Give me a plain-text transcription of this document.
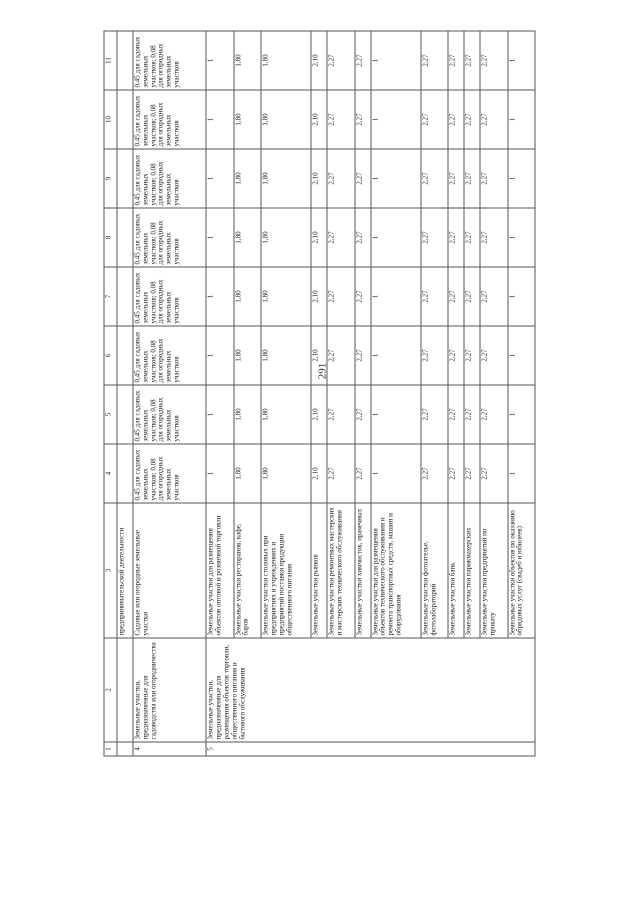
291
1	2	3	4	5	6	7	8	9	10	11
		предпринимательской деятельности								
4	Земельные участки, предназначенные для садоводства или огородничества	Садовые или огородные земельные участки	0,45 для садовых земельных участков; 0,08 для огородных земельных участков	0,45 для садовых земельных участков; 0,08 для огородных земельных участков	0,45 для садовых земельных участков; 0,08 для огородных земельных участков	0,45 для садовых земельных участков; 0,08 для огородных земельных участков	0,45 для садовых земельных участков; 0,08 для огородных земельных участков	0,45 для садовых земельных участков; 0,08 для огородных земельных участков	0,45 для садовых земельных участков; 0,08 для огородных земельных участков	0,45 для садовых земельных участков; 0,08 для огородных земельных участков
5	Земельные участки, предназначенные для размещения объектов торговли, общественного питания и бытового обслуживания	Земельные участки для размещения объектов оптовой и розничной торговли	1	1	1	1	1	1	1	1
		Земельные участки ресторанов, кафе, баров	1,80	1,80	1,80	1,80	1,80	1,80	1,80	1,80
		Земельные участки столовых при предприятиях и учреждениях и предприятий поставки продукции общественного питания	1,80	1,80	1,80	1,80	1,80	1,80	1,80	1,80
		Земельные участки рынков	2,10	2,10	2,10	2,10	2,10	2,10	2,10	2,10
		Земельные участки ремонтных мастерских и мастерских технического обслуживания	2,27	2,27	2,27	2,27	2,27	2,27	2,27	2,27
		Земельные участки химчисток, прачечных	2,27	2,27	2,27	2,27	2,27	2,27	2,27	2,27
		Земельные участки для размещения объектов технического обслуживания и ремонта транспортных средств, машин и оборудования	1	1	1	1	1	1	1	1
		Земельные участки фотоателье, фотолабораторий	2,27	2,27	2,27	2,27	2,27	2,27	2,27	2,27
		Земельные участки бань	2,27	2,27	2,27	2,27	2,27	2,27	2,27	2,27
		Земельные участки парикмахерских	2,27	2,27	2,27	2,27	2,27	2,27	2,27	2,27
		Земельные участки предприятий по прокату	2,27	2,27	2,27	2,27	2,27	2,27	2,27	2,27
		Земельные участки объектов по оказанию обрядовых услуг (свадеб и юбилеев)	1	1	1	1	1	1	1	1
